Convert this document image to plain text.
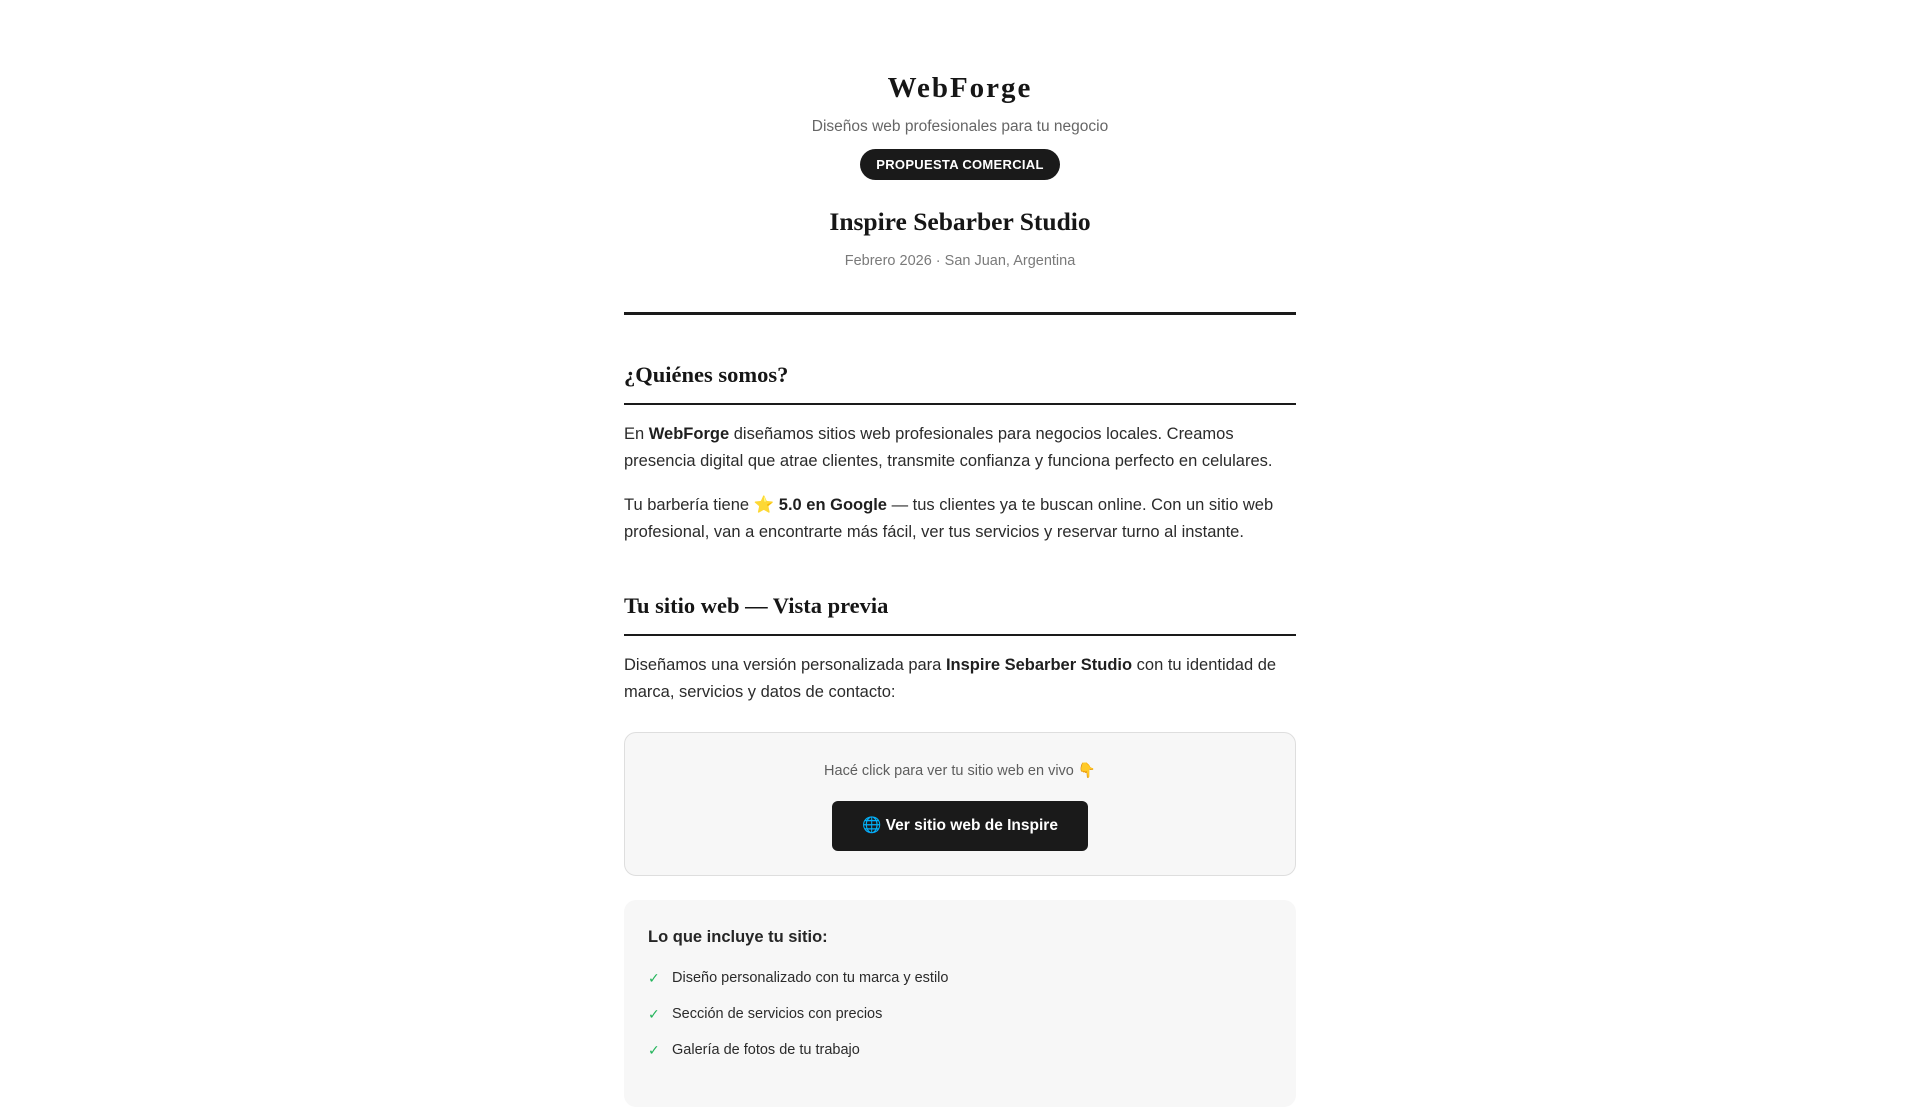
WebForge
Diseños web profesionales para tu negocio
PROPUESTA COMERCIAL
Inspire Sebarber Studio
Febrero 2026 · San Juan, Argentina
¿Quiénes somos?

En WebForge diseñamos sitios web profesionales para negocios locales. Creamos presencia digital que atrae clientes, transmite confianza y funciona perfecto en celulares.

Tu barbería tiene ⭐ 5.0 en Google — tus clientes ya te buscan online. Con un sitio web profesional, van a encontrarte más fácil, ver tus servicios y reservar turno al instante.

Tu sitio web — Vista previa

Diseñamos una versión personalizada para Inspire Sebarber Studio con tu identidad de marca, servicios y datos de contacto:

Hacé click para ver tu sitio web en vivo 👇
🌐 Ver sitio web de Inspire
Lo que incluye tu sitio:
✓ Diseño personalizado con tu marca y estilo
✓ Sección de servicios con precios
✓ Galería de fotos de tu trabajo
